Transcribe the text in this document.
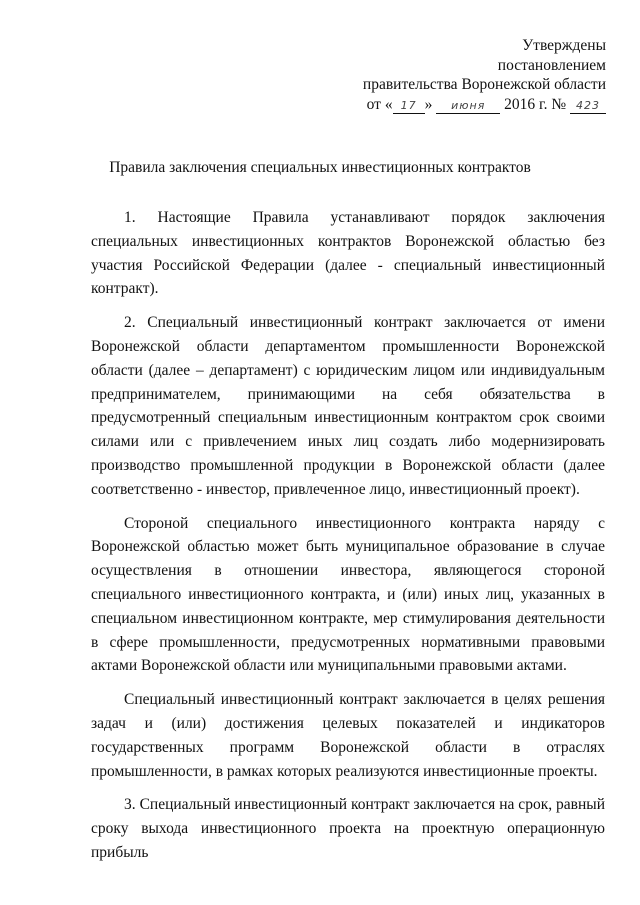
Утверждены
постановлением
правительства Воронежской области
от « 17 » июня 2016 г. № 423
Правила заключения специальных инвестиционных контрактов

1. Настоящие Правила устанавливают порядок заключения специальных инвестиционных контрактов Воронежской областью без участия Российской Федерации (далее - специальный инвестиционный контракт).

2. Специальный инвестиционный контракт заключается от имени Воронежской области департаментом промышленности Воронежской области (далее – департамент) с юридическим лицом или индивидуальным предпринимателем, принимающими на себя обязательства в предусмотренный специальным инвестиционным контрактом срок своими силами или с привлечением иных лиц создать либо модернизировать производство промышленной продукции в Воронежской области (далее соответственно - инвестор, привлеченное лицо, инвестиционный проект).

Стороной специального инвестиционного контракта наряду с Воронежской областью может быть муниципальное образование в случае осуществления в отношении инвестора, являющегося стороной специального инвестиционного контракта, и (или) иных лиц, указанных в специальном инвестиционном контракте, мер стимулирования деятельности в сфере промышленности, предусмотренных нормативными правовыми актами Воронежской области или муниципальными правовыми актами.

Специальный инвестиционный контракт заключается в целях решения задач и (или) достижения целевых показателей и индикаторов государственных программ Воронежской области в отраслях промышленности, в рамках которых реализуются инвестиционные проекты.

3. Специальный инвестиционный контракт заключается на срок, равный сроку выхода инвестиционного проекта на проектную операционную прибыль
